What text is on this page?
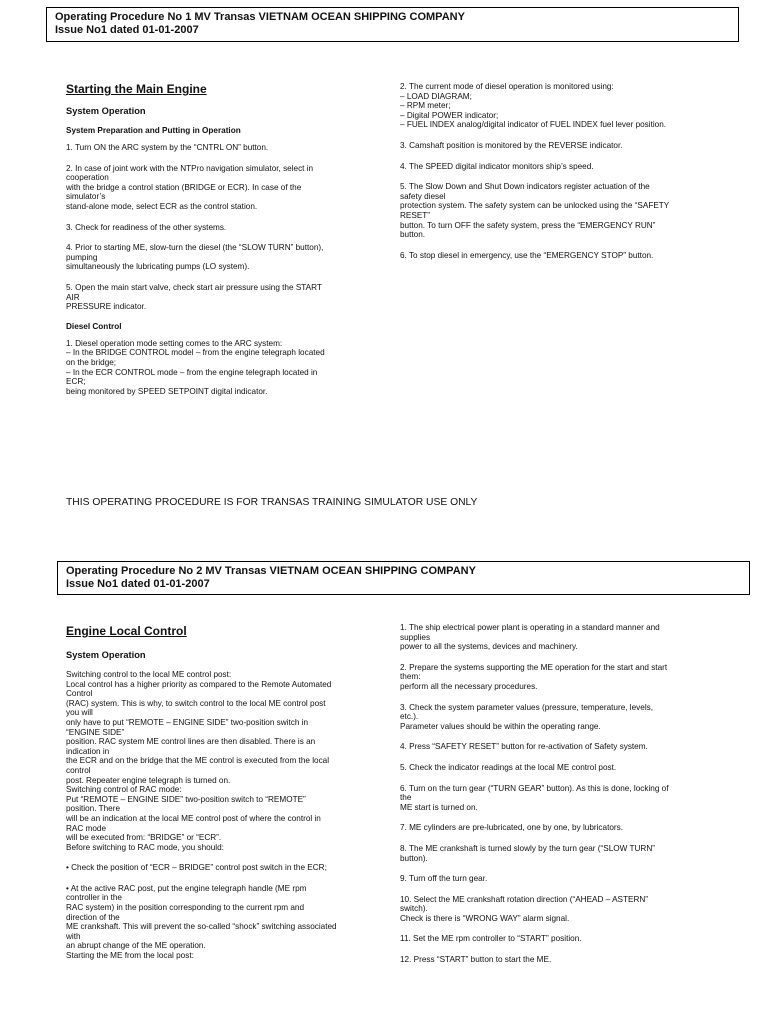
Operating Procedure No 1 MV Transas VIETNAM OCEAN SHIPPING COMPANY
Issue No1 dated 01-01-2007
Starting the Main Engine
System Operation
System Preparation and Putting in Operation

1. Turn ON the ARC system by the “CNTRL ON” button.

2. In case of joint work with the NTPro navigation simulator, select in

cooperation

with the bridge a control station (BRIDGE or ECR). In case of the

simulator’s

stand-alone mode, select ECR as the control station.

3. Check for readiness of the other systems.

4. Prior to starting ME, slow-turn the diesel (the “SLOW TURN” button),

pumping

simultaneously the lubricating pumps (LO system).

5. Open the main start valve, check start air pressure using the START

AIR

PRESSURE indicator.

Diesel Control

1. Diesel operation mode setting comes to the ARC system:

– In the BRIDGE CONTROL model – from the engine telegraph located

on the bridge;

– In the ECR CONTROL mode – from the engine telegraph located in

ECR;

being monitored by SPEED SETPOINT digital indicator.

2. The current mode of diesel operation is monitored using:

– LOAD DIAGRAM;

– RPM meter;

– Digital POWER indicator;

– FUEL INDEX analog/digital indicator of FUEL INDEX fuel lever position.

3. Camshaft position is monitored by the REVERSE indicator.

4. The SPEED digital indicator monitors ship’s speed.

5. The Slow Down and Shut Down indicators register actuation of the

safety diesel

protection system. The safety system can be unlocked using the “SAFETY

RESET”

button. To turn OFF the safety system, press the “EMERGENCY RUN”

button.

6. To stop diesel in emergency, use the “EMERGENCY STOP” button.

THIS OPERATING PROCEDURE IS FOR TRANSAS TRAINING SIMULATOR USE ONLY
Operating Procedure No 2 MV Transas VIETNAM OCEAN SHIPPING COMPANY
Issue No1 dated 01-01-2007
Engine Local Control
System Operation

Switching control to the local ME control post:

Local control has a higher priority as compared to the Remote Automated

Control

(RAC) system. This is why, to switch control to the local ME control post

you will

only have to put “REMOTE – ENGINE SIDE” two-position switch in

“ENGINE SIDE”

position. RAC system ME control lines are then disabled. There is an

indication in

the ECR and on the bridge that the ME control is executed from the local

control

post. Repeater engine telegraph is turned on.

Switching control of RAC mode:

Put “REMOTE – ENGINE SIDE” two-position switch to “REMOTE”

position. There

will be an indication at the local ME control post of where the control in

RAC mode

will be executed from: “BRIDGE” or “ECR”.

Before switching to RAC mode, you should:

• Check the position of “ECR – BRIDGE” control post switch in the ECR;

• At the active RAC post, put the engine telegraph handle (ME rpm

controller in the

RAC system) in the position corresponding to the current rpm and

direction of the

ME crankshaft. This will prevent the so-called “shock” switching associated

with

an abrupt change of the ME operation.

Starting the ME from the local post:

1. The ship electrical power plant is operating in a standard manner and

supplies

power to all the systems, devices and machinery.

2. Prepare the systems supporting the ME operation for the start and start

them:

perform all the necessary procedures.

3. Check the system parameter values (pressure, temperature, levels,

etc.).

Parameter values should be within the operating range.

4. Press “SAFETY RESET” button for re-activation of Safety system.

5. Check the indicator readings at the local ME control post.

6. Turn on the turn gear (“TURN GEAR” button). As this is done, locking of

the

ME start is turned on.

7. ME cylinders are pre-lubricated, one by one, by lubricators.

8. The ME crankshaft is turned slowly by the turn gear (“SLOW TURN”

button).

9. Turn off the turn gear.

10. Select the ME crankshaft rotation direction (“AHEAD – ASTERN”

switch).

Check is there is “WRONG WAY” alarm signal.

11. Set the ME rpm controller to “START” position.

12. Press “START” button to start the ME.
